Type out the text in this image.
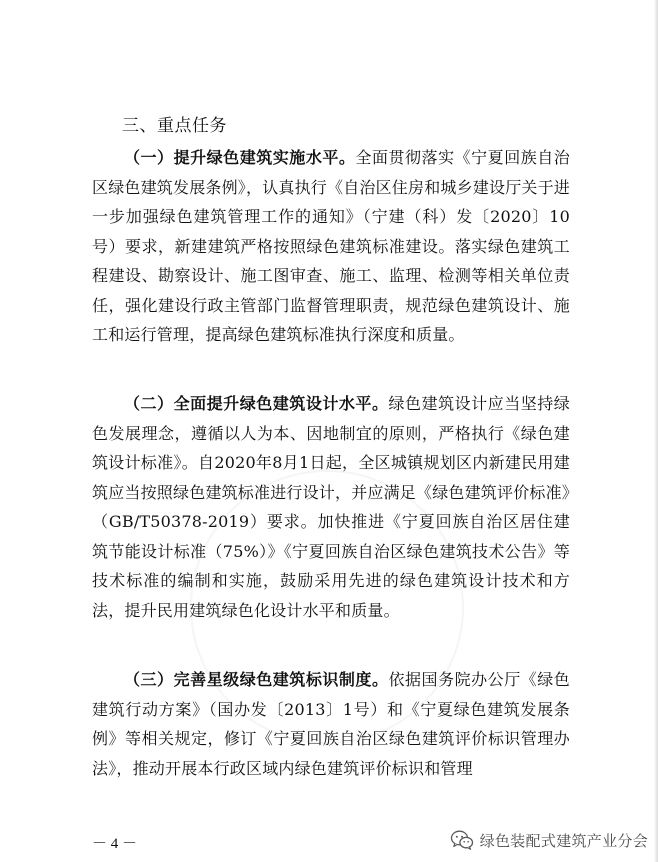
三、重点任务

（一）提升绿色建筑实施水平。全面贯彻落实《宁夏回族自治区绿色建筑发展条例》，认真执行《自治区住房和城乡建设厅关于进一步加强绿色建筑管理工作的通知》（宁建（科）发〔2020〕10号）要求，新建建筑严格按照绿色建筑标准建设。落实绿色建筑工程建设、勘察设计、施工图审查、施工、监理、检测等相关单位责任，强化建设行政主管部门监督管理职责，规范绿色建筑设计、施工和运行管理，提高绿色建筑标准执行深度和质量。

（二）全面提升绿色建筑设计水平。绿色建筑设计应当坚持绿色发展理念，遵循以人为本、因地制宜的原则，严格执行《绿色建筑设计标准》。自2020年8月1日起，全区城镇规划区内新建民用建筑应当按照绿色建筑标准进行设计，并应满足《绿色建筑评价标准》（GB/T50378-2019）要求。加快推进《宁夏回族自治区居住建筑节能设计标准（75%）》《宁夏回族自治区绿色建筑技术公告》等技术标准的编制和实施，鼓励采用先进的绿色建筑设计技术和方法，提升民用建筑绿色化设计水平和质量。

（三）完善星级绿色建筑标识制度。依据国务院办公厅《绿色建筑行动方案》（国办发〔2013〕1号）和《宁夏绿色建筑发展条例》等相关规定，修订《宁夏回族自治区绿色建筑评价标识管理办法》，推动开展本行政区域内绿色建筑评价标识和管理

－ 4 －	绿色装配式建筑产业分会
